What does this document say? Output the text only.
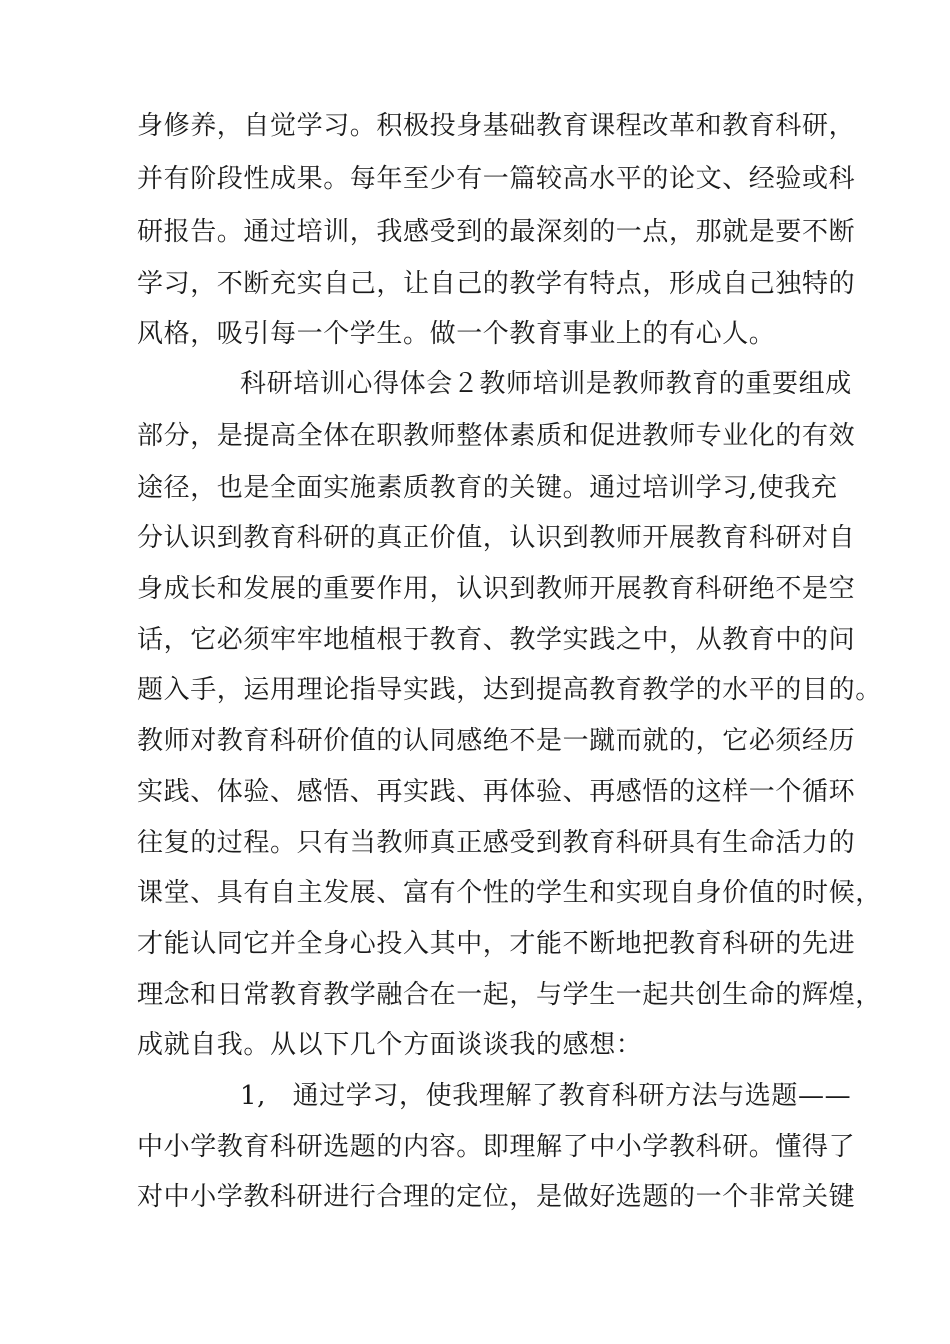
身修养，自觉学习。积极投身基础教育课程改革和教育科研，
并有阶段性成果。每年至少有一篇较高水平的论文、经验或科
研报告。通过培训，我感受到的最深刻的一点，那就是要不断
学习，不断充实自己，让自己的教学有特点，形成自己独特的
风格，吸引每一个学生。做一个教育事业上的有心人。
科研培训心得体会２教师培训是教师教育的重要组成
部分，是提高全体在职教师整体素质和促进教师专业化的有效
途径，也是全面实施素质教育的关键。通过培训学习,使我充
分认识到教育科研的真正价值，认识到教师开展教育科研对自
身成长和发展的重要作用，认识到教师开展教育科研绝不是空
话，它必须牢牢地植根于教育、教学实践之中，从教育中的问
题入手，运用理论指导实践，达到提高教育教学的水平的目的。
教师对教育科研价值的认同感绝不是一蹴而就的，它必须经历
实践、体验、感悟、再实践、再体验、再感悟的这样一个循环
往复的过程。只有当教师真正感受到教育科研具有生命活力的
课堂、具有自主发展、富有个性的学生和实现自身价值的时候，
才能认同它并全身心投入其中，才能不断地把教育科研的先进
理念和日常教育教学融合在一起，与学生一起共创生命的辉煌，
成就自我。从以下几个方面谈谈我的感想：
1,　通过学习，使我理解了教育科研方法与选题——
中小学教育科研选题的内容。即理解了中小学教科研。懂得了
对中小学教科研进行合理的定位，是做好选题的一个非常关键
